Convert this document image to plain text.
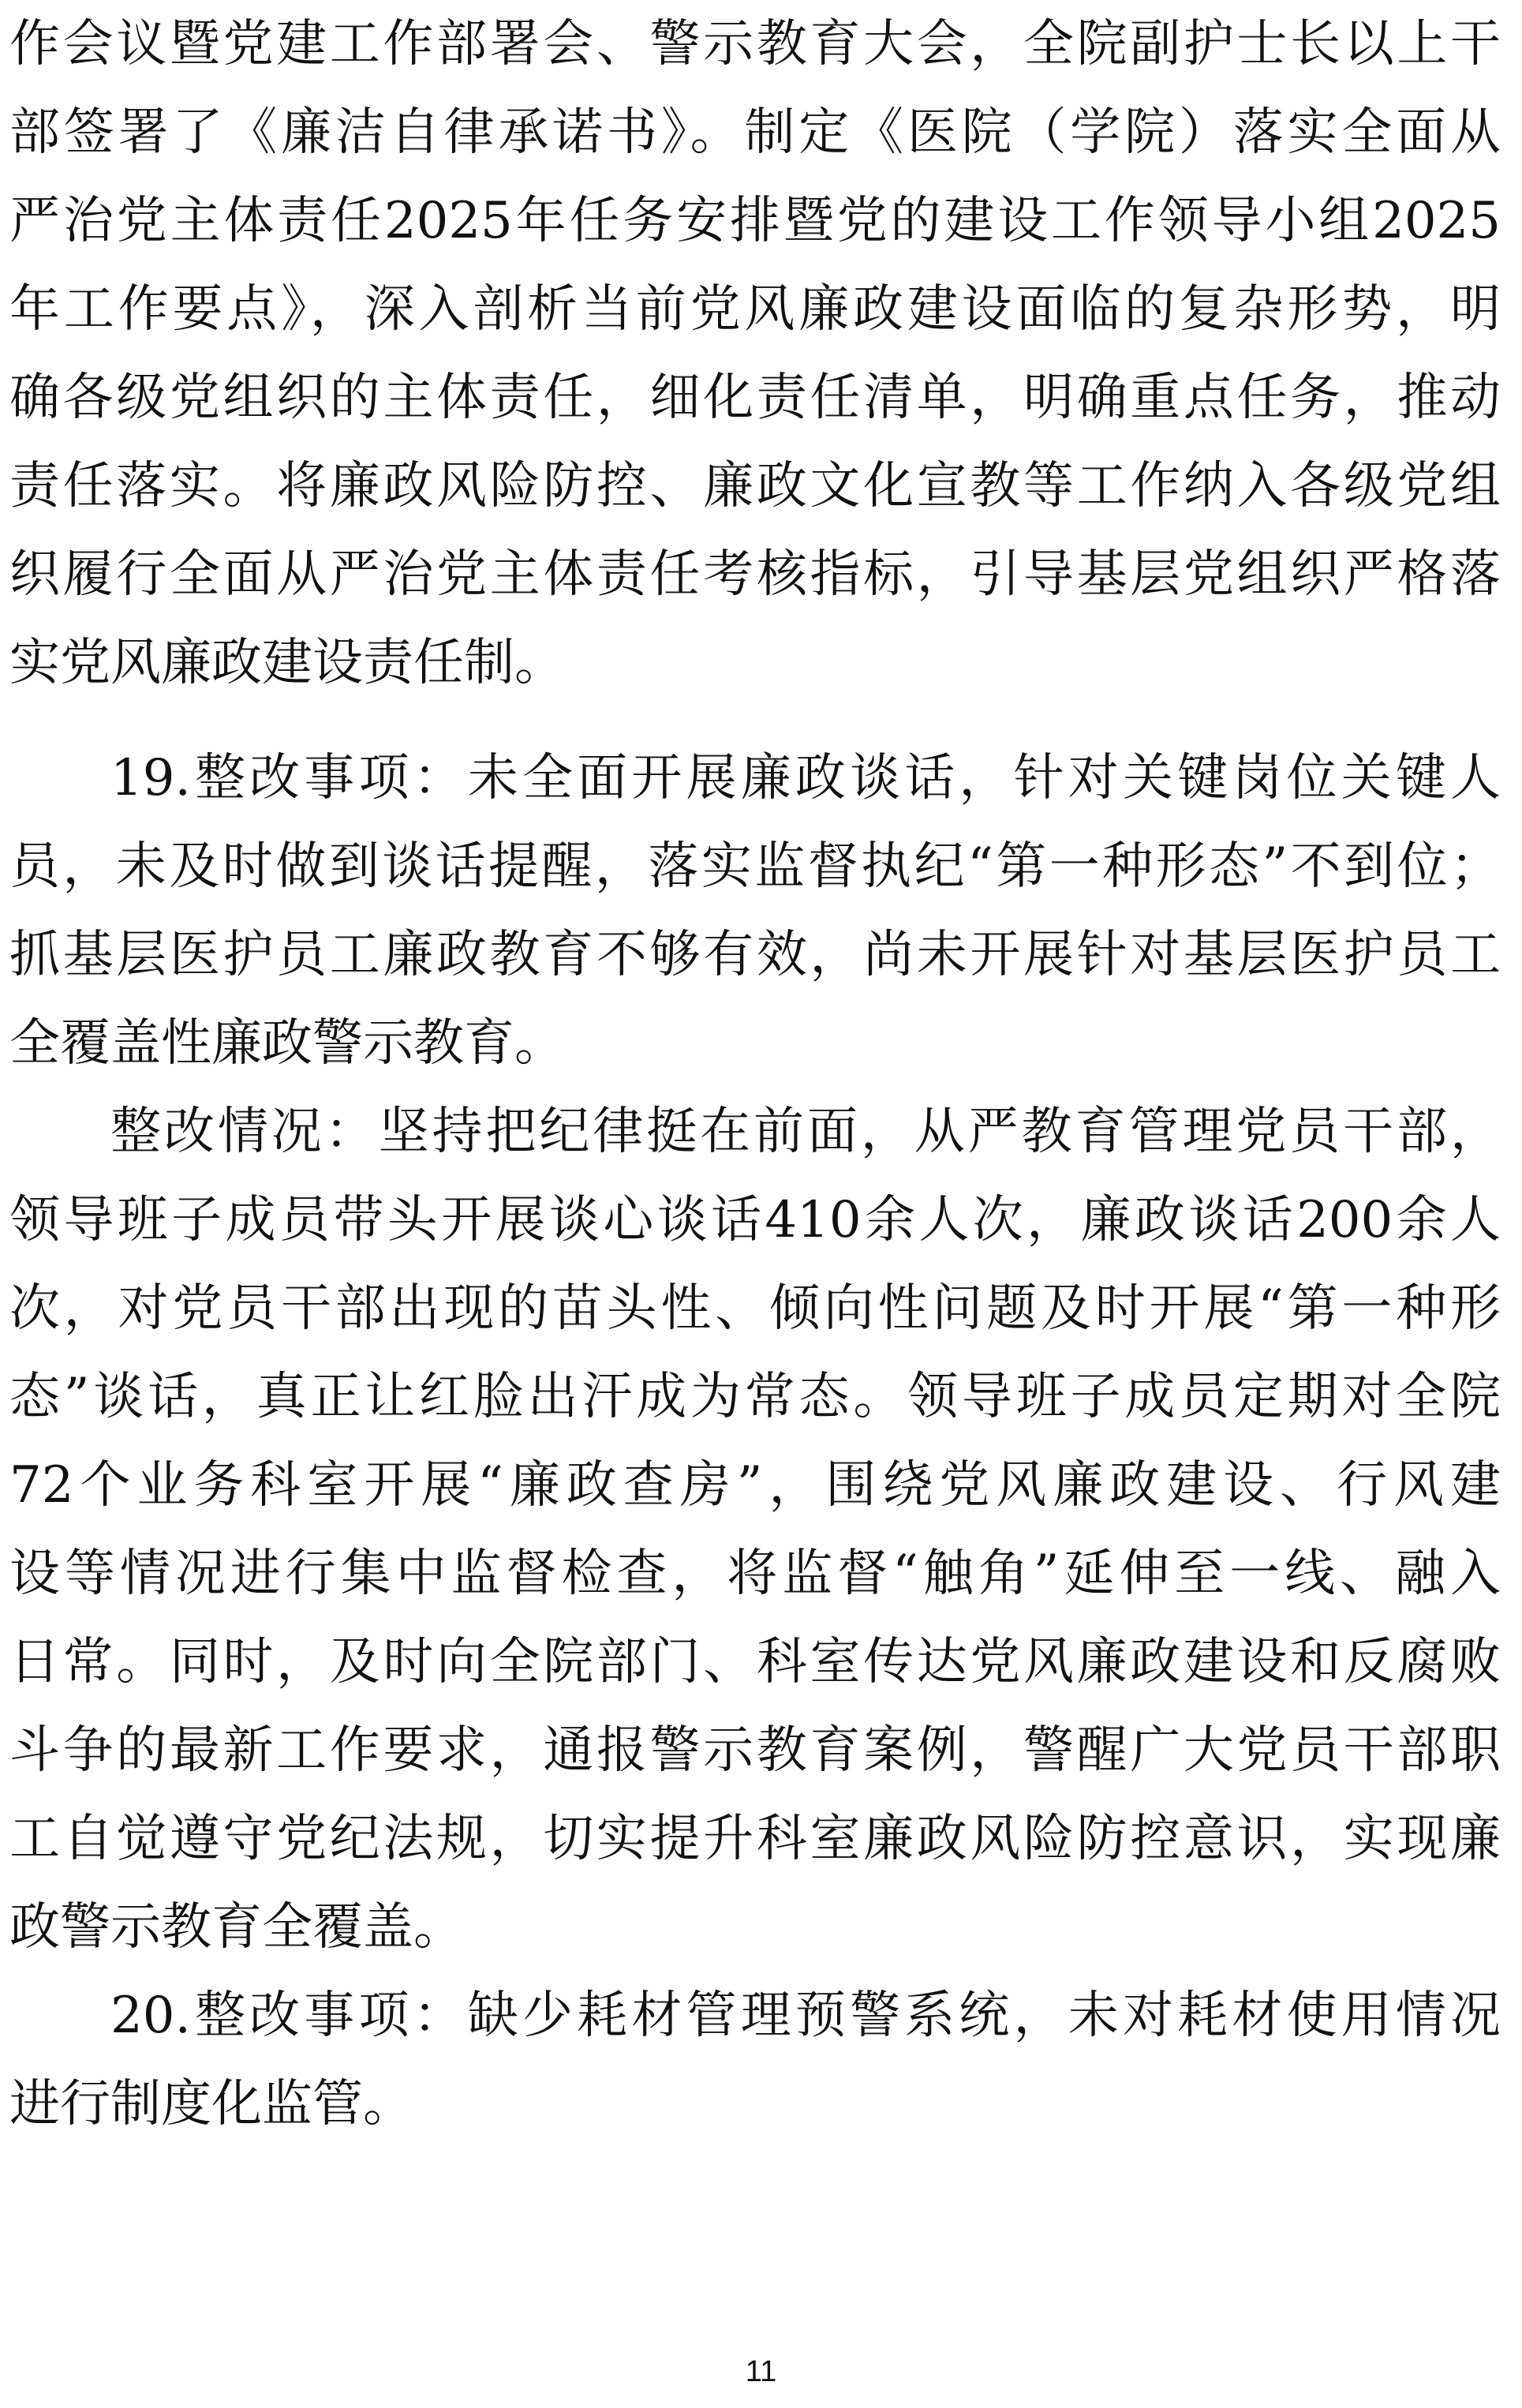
作会议暨党建工作部署会、警示教育大会，全院副护士长以上干

部签署了《廉洁自律承诺书》。制定《医院（学院）落实全面从

严治党主体责任2025年任务安排暨党的建设工作领导小组2025

年工作要点》，深入剖析当前党风廉政建设面临的复杂形势，明

确各级党组织的主体责任，细化责任清单，明确重点任务，推动

责任落实。将廉政风险防控、廉政文化宣教等工作纳入各级党组

织履行全面从严治党主体责任考核指标，引导基层党组织严格落

实党风廉政建设责任制。

19.整改事项：未全面开展廉政谈话，针对关键岗位关键人

员，未及时做到谈话提醒，落实监督执纪“第一种形态”不到位；

抓基层医护员工廉政教育不够有效，尚未开展针对基层医护员工

全覆盖性廉政警示教育。

整改情况：坚持把纪律挺在前面，从严教育管理党员干部，

领导班子成员带头开展谈心谈话410余人次，廉政谈话200余人

次，对党员干部出现的苗头性、倾向性问题及时开展“第一种形

态”谈话，真正让红脸出汗成为常态。领导班子成员定期对全院

72个业务科室开展“廉政查房”，围绕党风廉政建设、行风建

设等情况进行集中监督检查，将监督“触角”延伸至一线、融入

日常。同时，及时向全院部门、科室传达党风廉政建设和反腐败

斗争的最新工作要求，通报警示教育案例，警醒广大党员干部职

工自觉遵守党纪法规，切实提升科室廉政风险防控意识，实现廉

政警示教育全覆盖。

20.整改事项：缺少耗材管理预警系统，未对耗材使用情况

进行制度化监管。

11
